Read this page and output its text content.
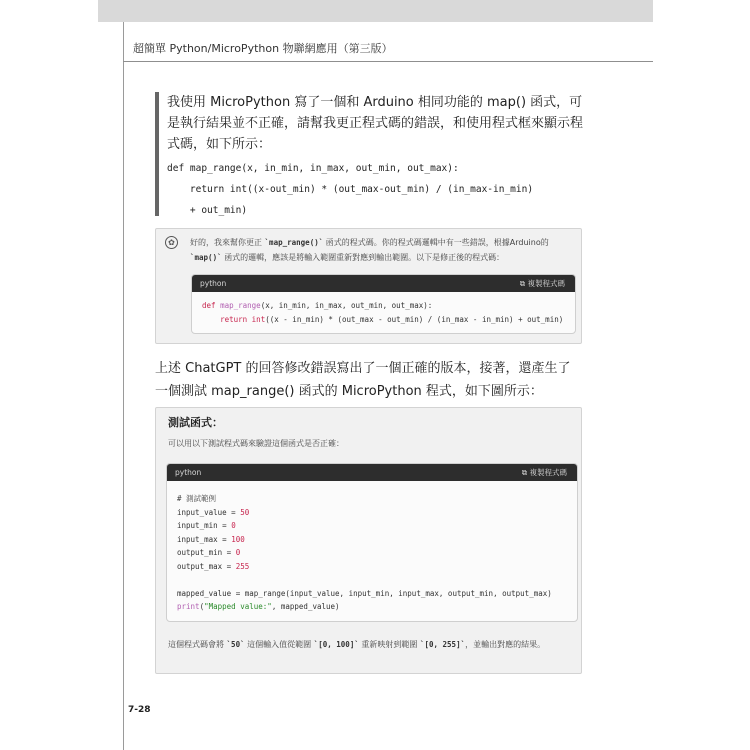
超簡單 Python/MicroPython 物聯網應用（第三版）
我使用 MicroPython 寫了一個和 Arduino 相同功能的 map() 函式，可是執行結果並不正確，請幫我更正程式碼的錯誤，和使用程式框來顯示程式碼，如下所示：
def map_range(x, in_min, in_max, out_min, out_max):
return int((x-out_min) * (out_max-out_min) / (in_max-in_min)
+ out_min)
✿	好的，我來幫你更正 `map_range()` 函式的程式碼。你的程式碼邏輯中有一些錯誤，根據Arduino的 `map()` 函式的邏輯，應該是將輸入範圍重新對應到輸出範圍。以下是修正後的程式碼：
python	⧉ 複製程式碼
def map_range(x, in_min, in_max, out_min, out_max):
return int((x - in_min) * (out_max - out_min) / (in_max - in_min) + out_min)
上述 ChatGPT 的回答修改錯誤寫出了一個正確的版本，接著，還產生了一個測試 map_range() 函式的 MicroPython 程式，如下圖所示：
測試函式：
可以用以下測試程式碼來驗證這個函式是否正確：
python	⧉ 複製程式碼
# 測試範例
input_value = 50
input_min = 0
input_max = 100
output_min = 0
output_max = 255

mapped_value = map_range(input_value, input_min, input_max, output_min, output_max)
print("Mapped value:", mapped_value)
這個程式碼會將 `50` 這個輸入值從範圍 `[0, 100]` 重新映射到範圍 `[0, 255]`，並輸出對應的結果。
7-28
